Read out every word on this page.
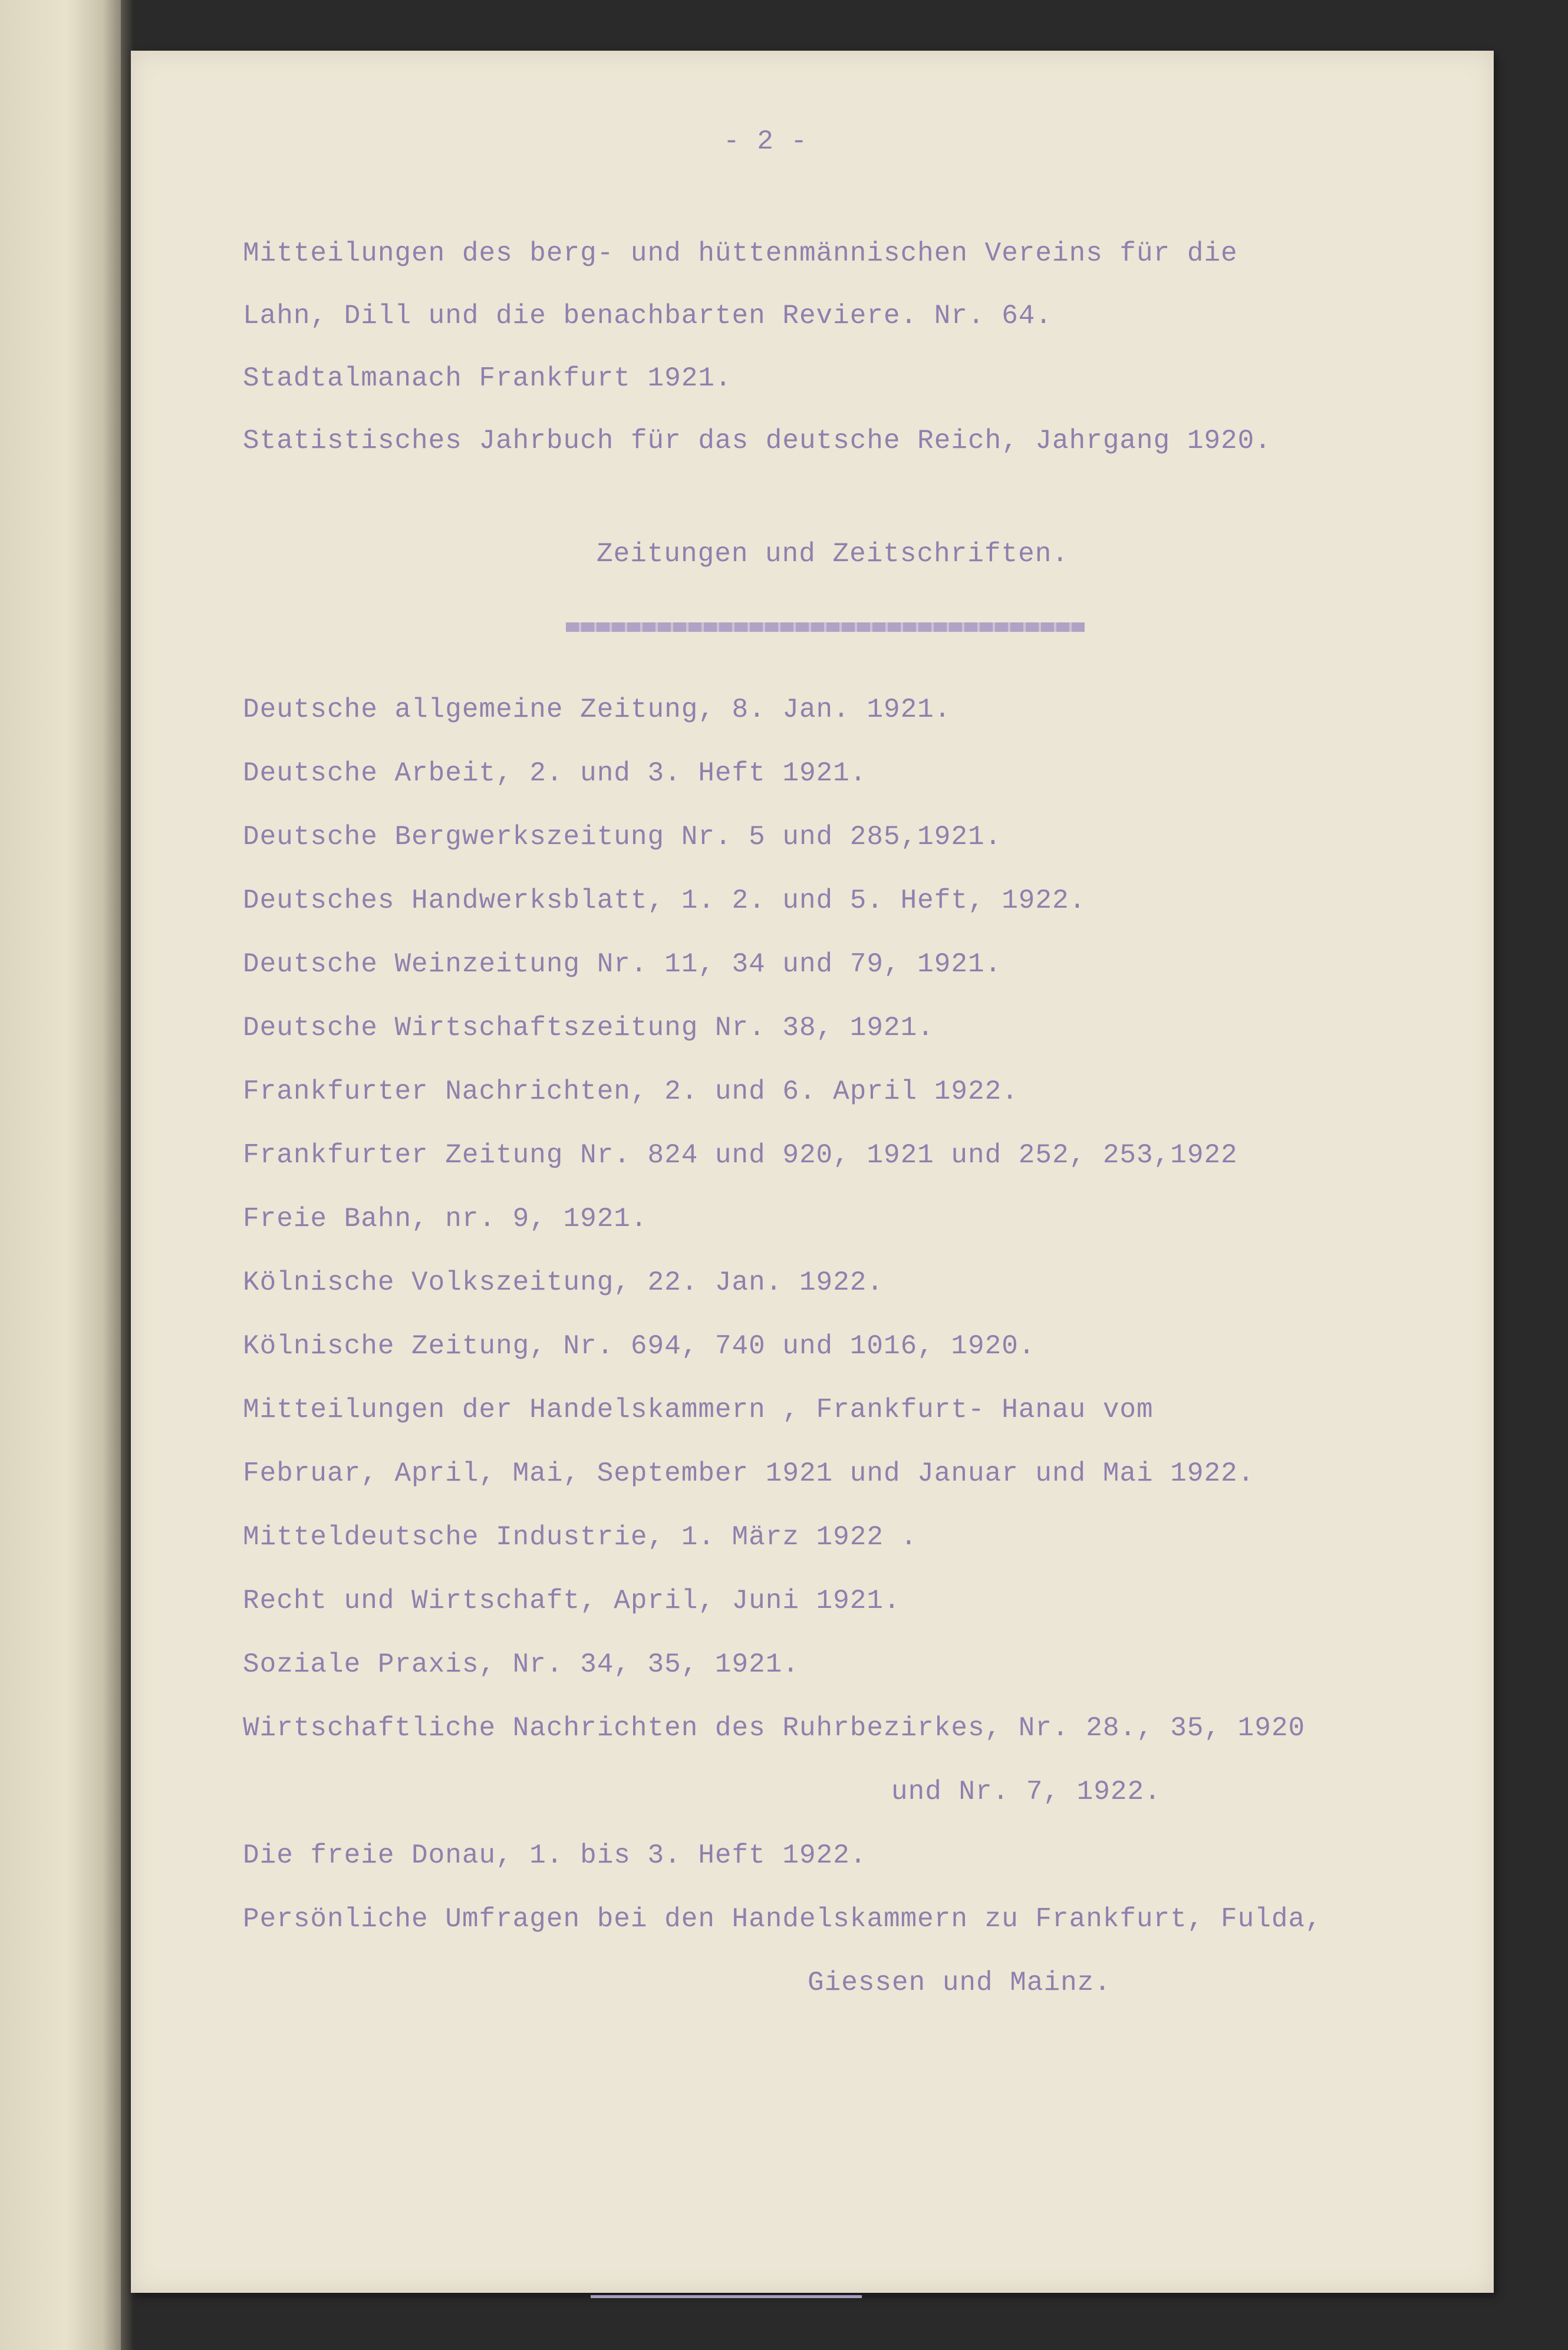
- 2 -
Mitteilungen des berg- und hüttenmännischen Vereins für die
Lahn, Dill und die benachbarten Reviere. Nr. 64.
Stadtalmanach Frankfurt 1921.
Statistisches Jahrbuch für das deutsche Reich, Jahrgang 1920.
Zeitungen und Zeitschriften.
Deutsche allgemeine Zeitung, 8. Jan. 1921.
Deutsche Arbeit, 2. und 3. Heft 1921.
Deutsche Bergwerkszeitung Nr. 5 und 285,1921.
Deutsches Handwerksblatt, 1. 2. und 5. Heft, 1922.
Deutsche Weinzeitung Nr. 11, 34 und 79, 1921.
Deutsche Wirtschaftszeitung Nr. 38, 1921.
Frankfurter Nachrichten, 2. und 6. April 1922.
Frankfurter Zeitung Nr. 824 und 920, 1921 und 252, 253,1922
Freie Bahn, nr. 9, 1921.
Kölnische Volkszeitung, 22. Jan. 1922.
Kölnische Zeitung, Nr. 694, 740 und 1016, 1920.
Mitteilungen der Handelskammern , Frankfurt- Hanau vom
Februar, April, Mai, September 1921 und Januar und Mai 1922.
Mitteldeutsche Industrie, 1. März 1922 .
Recht und Wirtschaft, April, Juni 1921.
Soziale Praxis, Nr. 34, 35, 1921.
Wirtschaftliche Nachrichten des Ruhrbezirkes, Nr. 28., 35, 1920
und Nr. 7, 1922.
Die freie Donau, 1. bis 3. Heft 1922.
Persönliche Umfragen bei den Handelskammern zu Frankfurt, Fulda,
Giessen und Mainz.
